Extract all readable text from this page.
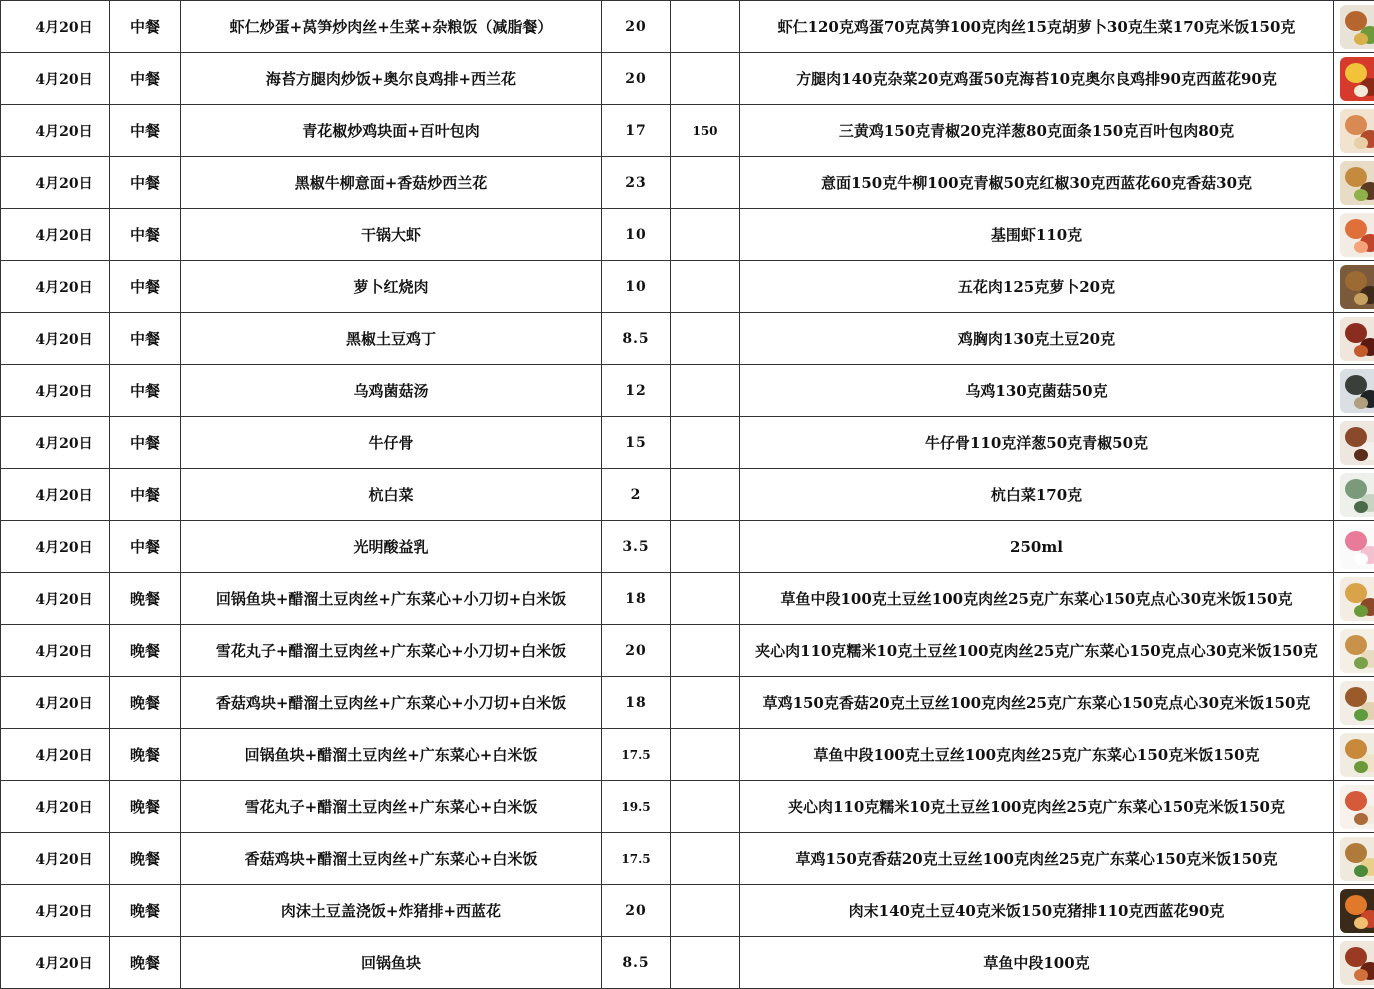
4月20日	中餐	虾仁炒蛋+莴笋炒肉丝+生菜+杂粮饭（减脂餐）	20		虾仁120克鸡蛋70克莴笋100克肉丝15克胡萝卜30克生菜170克米饭150克	

4月20日	中餐	海苔方腿肉炒饭+奥尔良鸡排+西兰花	20		方腿肉140克杂菜20克鸡蛋50克海苔10克奥尔良鸡排90克西蓝花90克	

4月20日	中餐	青花椒炒鸡块面+百叶包肉	17	150	三黄鸡150克青椒20克洋葱80克面条150克百叶包肉80克	

4月20日	中餐	黑椒牛柳意面+香菇炒西兰花	23		意面150克牛柳100克青椒50克红椒30克西蓝花60克香菇30克	

4月20日	中餐	干锅大虾	10		基围虾110克	

4月20日	中餐	萝卜红烧肉	10		五花肉125克萝卜20克	

4月20日	中餐	黑椒土豆鸡丁	8.5		鸡胸肉130克土豆20克	

4月20日	中餐	乌鸡菌菇汤	12		乌鸡130克菌菇50克	

4月20日	中餐	牛仔骨	15		牛仔骨110克洋葱50克青椒50克	

4月20日	中餐	杭白菜	2		杭白菜170克	

4月20日	中餐	光明酸益乳	3.5		250ml	

4月20日	晚餐	回锅鱼块+醋溜土豆肉丝+广东菜心+小刀切+白米饭	18		草鱼中段100克土豆丝100克肉丝25克广东菜心150克点心30克米饭150克	

4月20日	晚餐	雪花丸子+醋溜土豆肉丝+广东菜心+小刀切+白米饭	20		夹心肉110克糯米10克土豆丝100克肉丝25克广东菜心150克点心30克米饭150克	

4月20日	晚餐	香菇鸡块+醋溜土豆肉丝+广东菜心+小刀切+白米饭	18		草鸡150克香菇20克土豆丝100克肉丝25克广东菜心150克点心30克米饭150克	

4月20日	晚餐	回锅鱼块+醋溜土豆肉丝+广东菜心+白米饭	17.5		草鱼中段100克土豆丝100克肉丝25克广东菜心150克米饭150克	

4月20日	晚餐	雪花丸子+醋溜土豆肉丝+广东菜心+白米饭	19.5		夹心肉110克糯米10克土豆丝100克肉丝25克广东菜心150克米饭150克	

4月20日	晚餐	香菇鸡块+醋溜土豆肉丝+广东菜心+白米饭	17.5		草鸡150克香菇20克土豆丝100克肉丝25克广东菜心150克米饭150克	

4月20日	晚餐	肉沫土豆盖浇饭+炸猪排+西蓝花	20		肉末140克土豆40克米饭150克猪排110克西蓝花90克	

4月20日	晚餐	回锅鱼块	8.5		草鱼中段100克	
